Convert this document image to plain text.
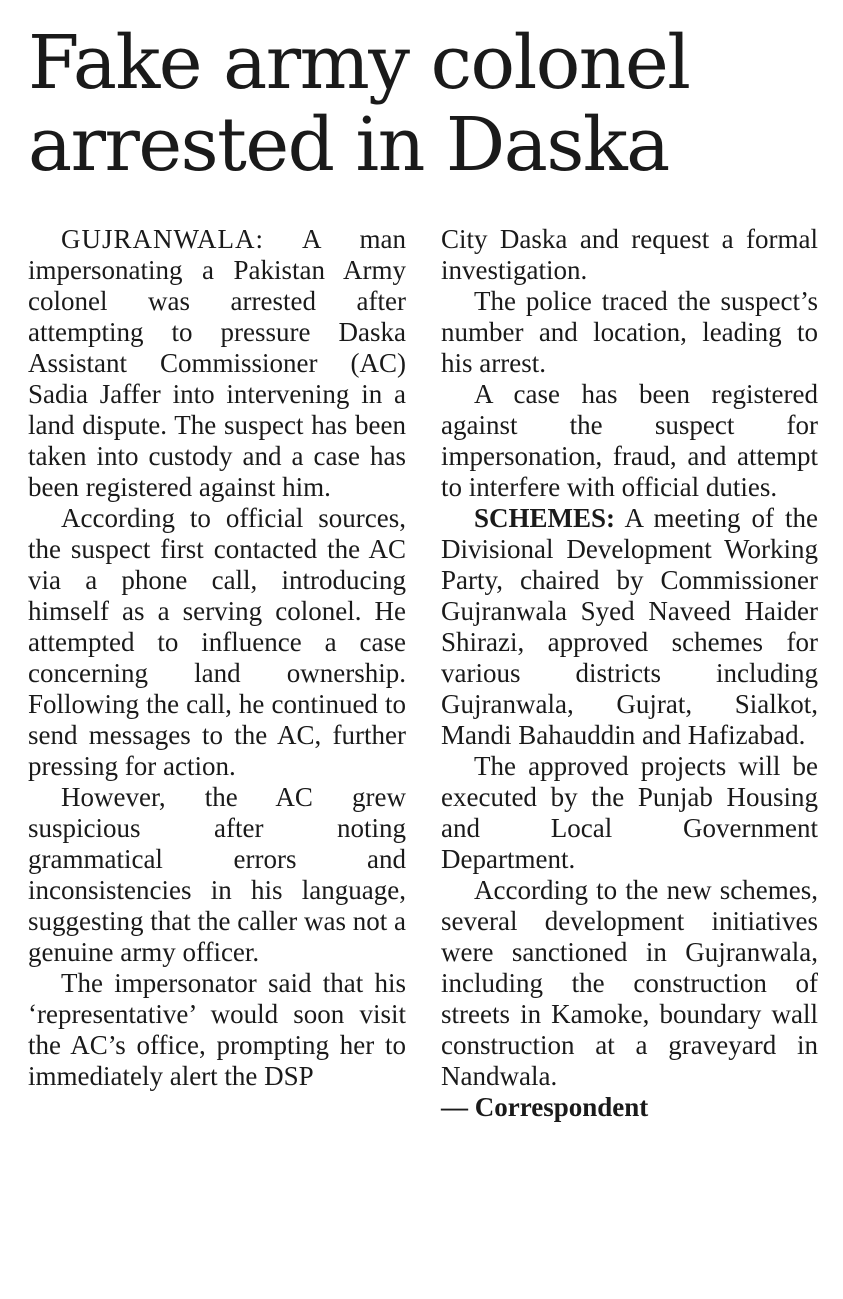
Fake army colonel arrested in Daska

GUJRANWALA: A man impersonating a Pakistan Army colonel was arrested after attempting to pressure Daska Assistant Commissioner (AC) Sadia Jaffer into intervening in a land dispute. The suspect has been taken into custody and a case has been registered against him.

According to official sources, the suspect first contacted the AC via a phone call, introducing himself as a serving colonel. He attempted to influence a case concerning land ownership. Following the call, he continued to send messages to the AC, further pressing for action.

However, the AC grew suspicious after noting grammatical errors and inconsistencies in his language, suggesting that the caller was not a genuine army officer.

The impersonator said that his ‘representative’ would soon visit the AC’s office, prompting her to immediately alert the DSP

City Daska and request a formal investigation.

The police traced the suspect’s number and location, leading to his arrest.

A case has been registered against the suspect for impersonation, fraud, and attempt to interfere with official duties.

SCHEMES: A meeting of the Divisional Development Working Party, chaired by Commissioner Gujranwala Syed Naveed Haider Shirazi, approved schemes for various districts including Gujranwala, Gujrat, Sialkot, Mandi Bahauddin and Hafizabad.

The approved projects will be executed by the Punjab Housing and Local Government Department.

According to the new schemes, several development initiatives were sanctioned in Gujranwala, including the construction of streets in Kamoke, boundary wall construction at a graveyard in Nandwala.

— Correspondent
